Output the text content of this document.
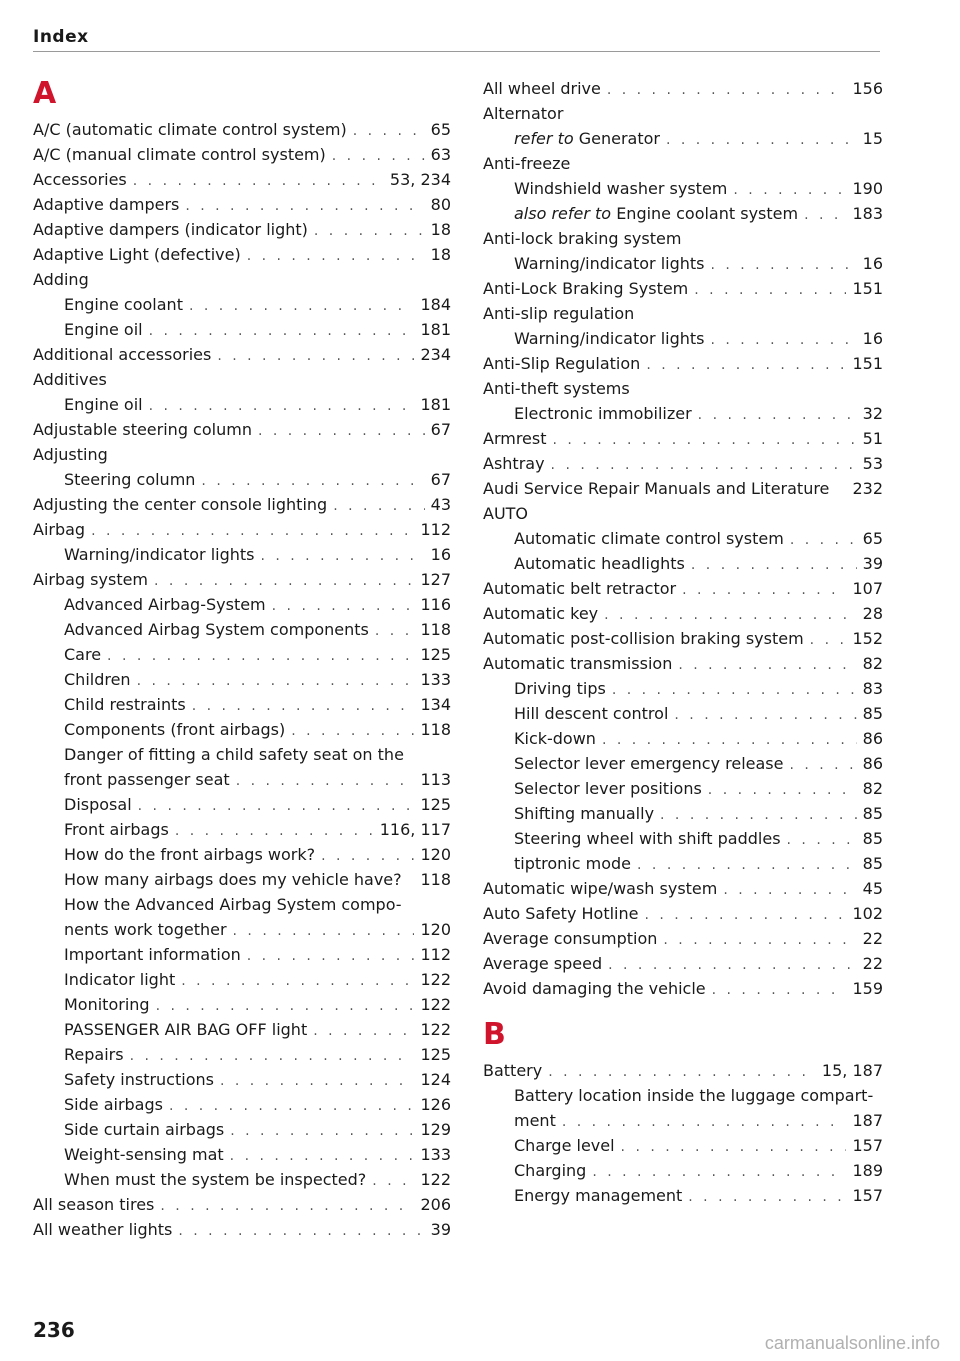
Index
A
A/C (automatic climate control system) . . .	65
A/C (manual climate control system) . . .	63
Accessories . . .	53, 234
Adaptive dampers . . .	80
Adaptive dampers (indicator light) . . .	18
Adaptive Light (defective) . . .	18
Adding
Engine coolant . . .	184
Engine oil . . .	181
Additional accessories . . .	234
Additives
Engine oil . . .	181
Adjustable steering column . . .	67
Adjusting
Steering column . . .	67
Adjusting the center console lighting . . .	43
Airbag . . .	112
Warning/indicator lights . . .	16
Airbag system . . .	127
Advanced Airbag-System . . .	116
Advanced Airbag System components . . .	118
Care . . .	125
Children . . .	133
Child restraints . . .	134
Components (front airbags) . . .	118
Danger of fitting a child safety seat on the
front passenger seat . . .	113
Disposal . . .	125
Front airbags . . .	116, 117
How do the front airbags work? . . .	120
How many airbags does my vehicle have? 118
How the Advanced Airbag System compo-
nents work together . . .	120
Important information . . .	112
Indicator light . . .	122
Monitoring . . .	122
PASSENGER AIR BAG OFF light . . .	122
Repairs . . .	125
Safety instructions . . .	124
Side airbags . . .	126
Side curtain airbags . . .	129
Weight-sensing mat . . .	133
When must the system be inspected? . . .	122
All season tires . . .	206
All weather lights . . .	39
All wheel drive . . .	156
Alternator
refer to Generator . . .	15
Anti-freeze
Windshield washer system . . .	190
also refer to Engine coolant system . . .	183
Anti-lock braking system
Warning/indicator lights . . .	16
Anti-Lock Braking System . . .	151
Anti-slip regulation
Warning/indicator lights . . .	16
Anti-Slip Regulation . . .	151
Anti-theft systems
Electronic immobilizer . . .	32
Armrest . . .	51
Ashtray . . .	53
Audi Service Repair Manuals and Literature 232
AUTO
Automatic climate control system . . .	65
Automatic headlights . . .	39
Automatic belt retractor . . .	107
Automatic key . . .	28
Automatic post-collision braking system . . .	152
Automatic transmission . . .	82
Driving tips . . .	83
Hill descent control . . .	85
Kick-down . . .	86
Selector lever emergency release . . .	86
Selector lever positions . . .	82
Shifting manually . . .	85
Steering wheel with shift paddles . . .	85
tiptronic mode . . .	85
Automatic wipe/wash system . . .	45
Auto Safety Hotline . . .	102
Average consumption . . .	22
Average speed . . .	22
Avoid damaging the vehicle . . .	159
B
Battery . . .	15, 187
Battery location inside the luggage compart-
ment . . .	187
Charge level . . .	157
Charging . . .	189
Energy management . . .	157
236
carmanualsonline.info
